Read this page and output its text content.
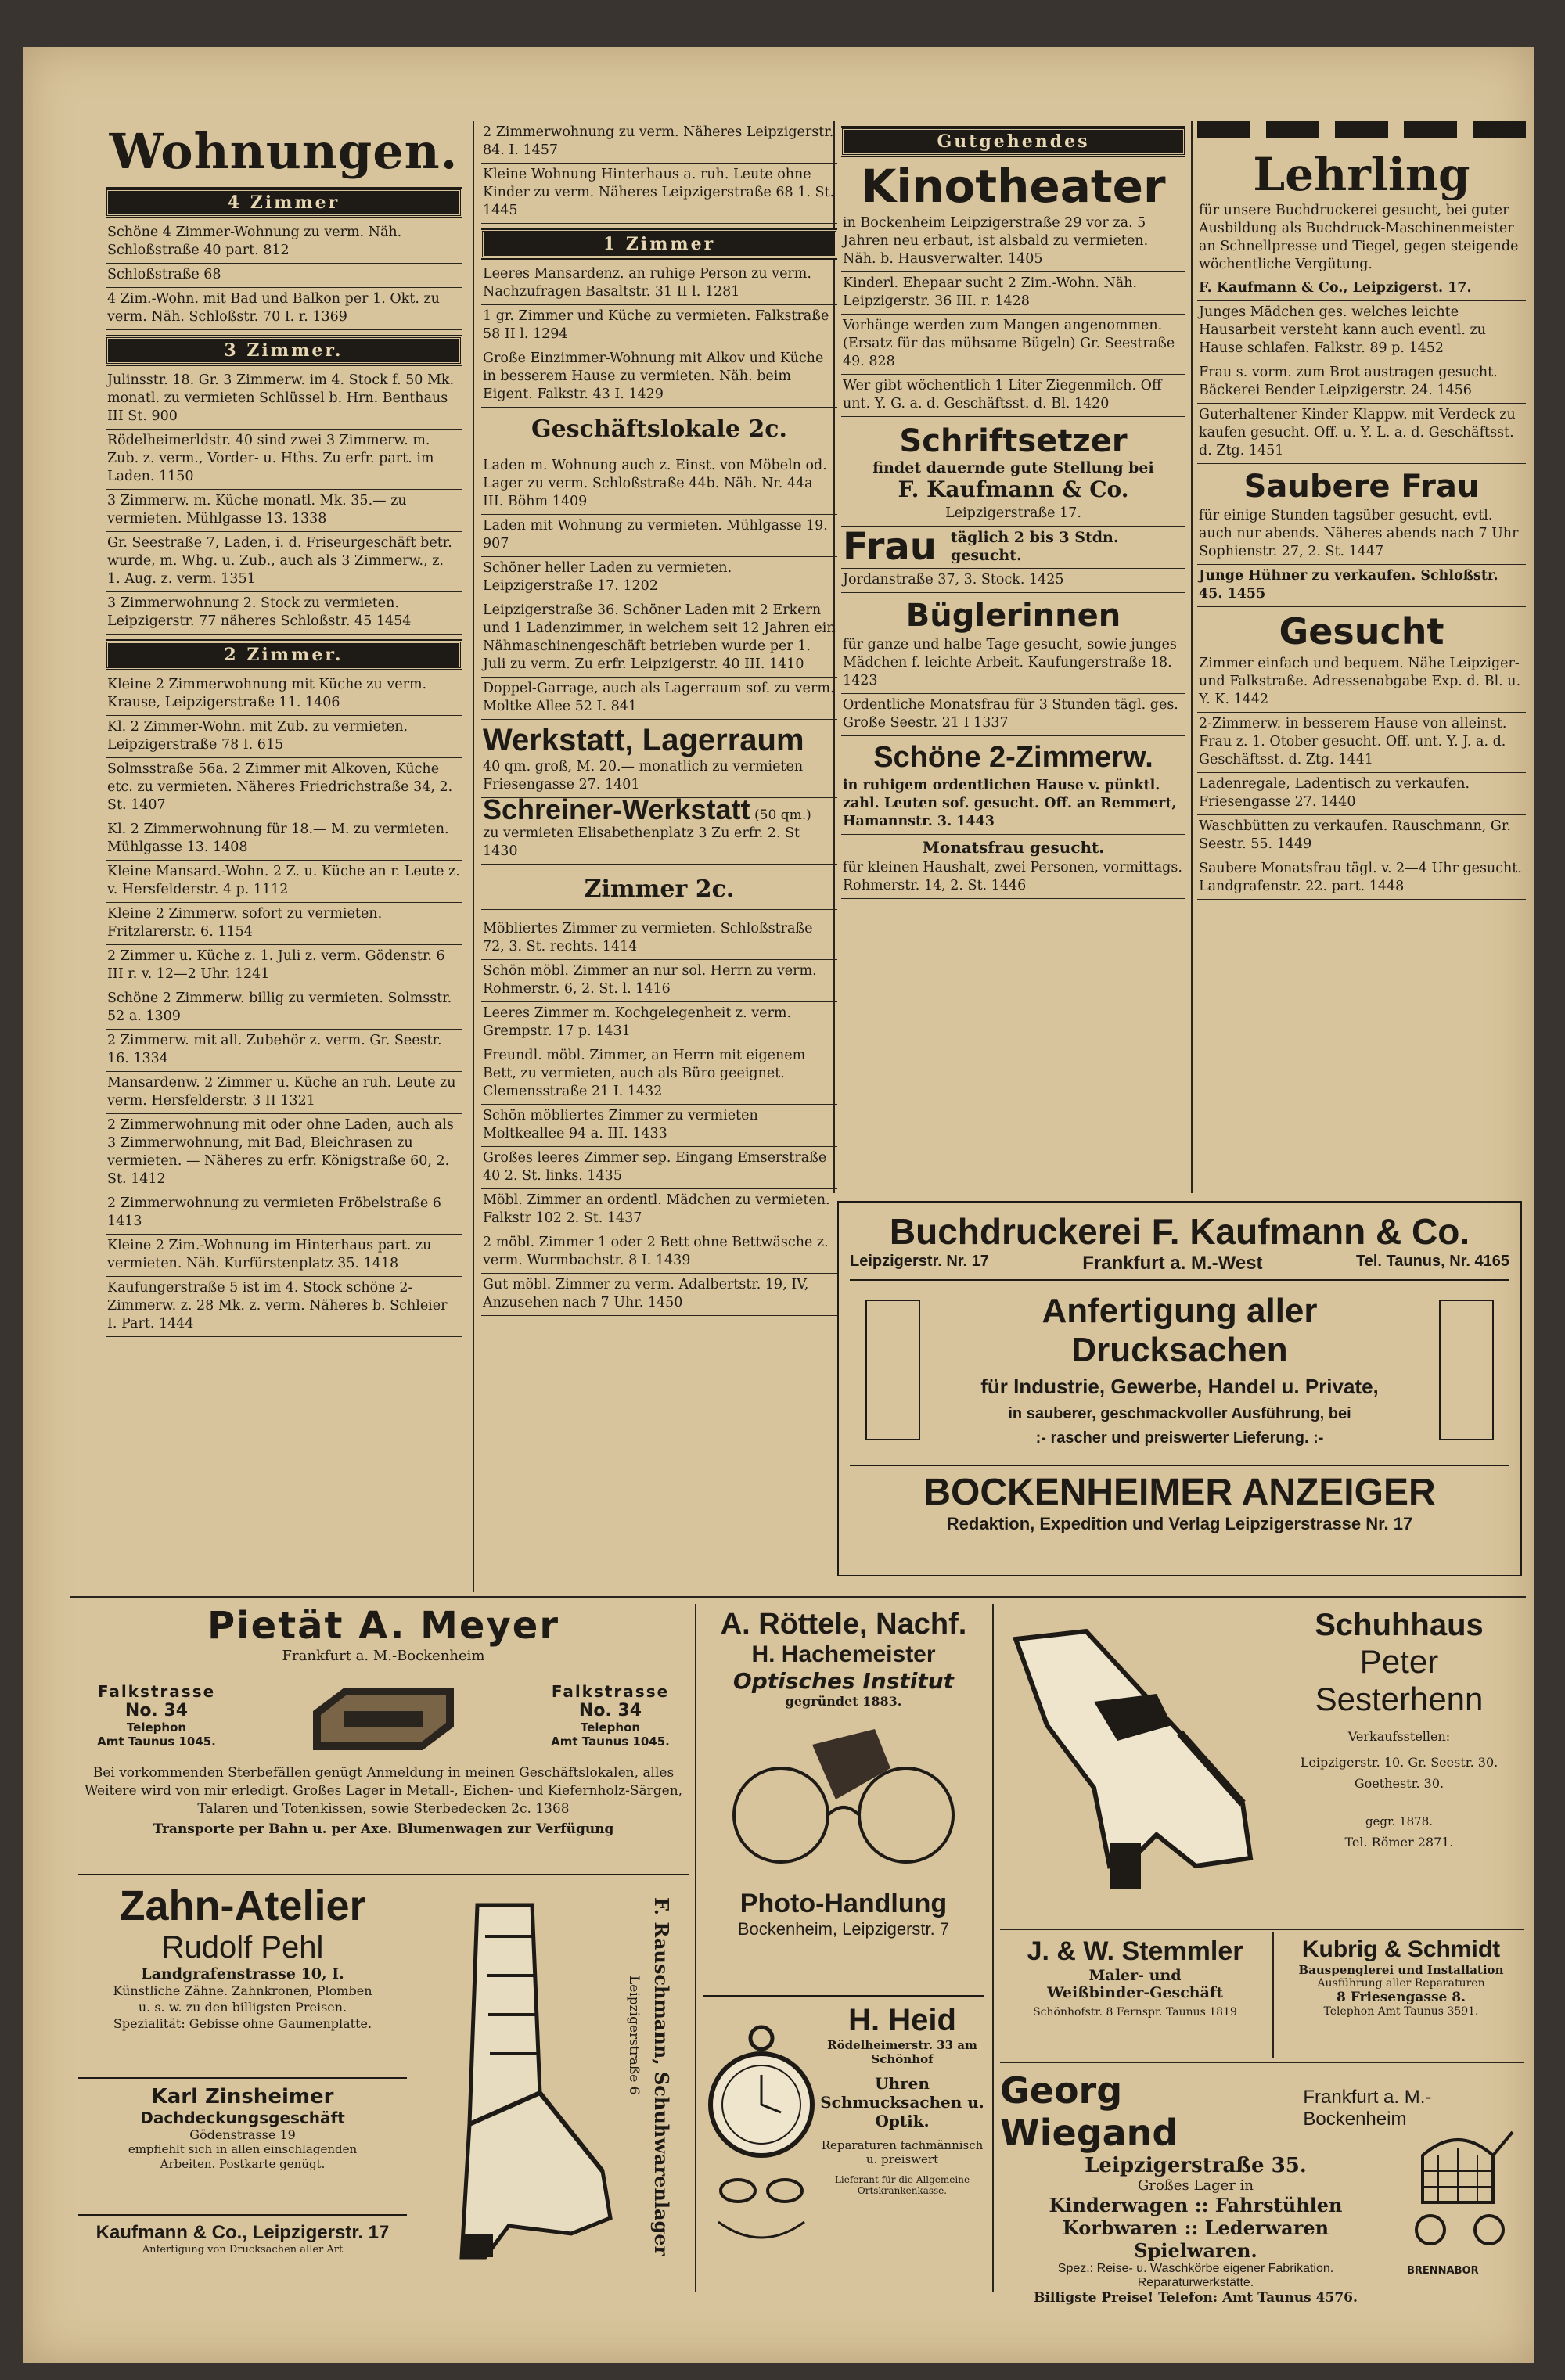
Wohnungen.
4 Zimmer
Schöne 4 Zimmer-Wohnung zu verm. Näh. Schloßstraße 40 part. 812
Schloßstraße 68
4 Zim.-Wohn. mit Bad und Balkon per 1. Okt. zu verm. Näh. Schloßstr. 70 I. r. 1369
3 Zimmer.
Julinsstr. 18. Gr. 3 Zimmerw. im 4. Stock f. 50 Mk. monatl. zu vermieten Schlüssel b. Hrn. Benthaus III St. 900
Rödelheimerldstr. 40 sind zwei 3 Zimmerw. m. Zub. z. verm., Vorder- u. Hths. Zu erfr. part. im Laden. 1150
3 Zimmerw. m. Küche monatl. Mk. 35.— zu vermieten. Mühlgasse 13. 1338
Gr. Seestraße 7, Laden, i. d. Friseurgeschäft betr. wurde, m. Whg. u. Zub., auch als 3 Zimmerw., z. 1. Aug. z. verm. 1351
3 Zimmerwohnung 2. Stock zu vermieten. Leipzigerstr. 77 näheres Schloßstr. 45 1454
2 Zimmer.
Kleine 2 Zimmerwohnung mit Küche zu verm. Krause, Leipzigerstraße 11. 1406
Kl. 2 Zimmer-Wohn. mit Zub. zu vermieten. Leipzigerstraße 78 I. 615
Solmsstraße 56a. 2 Zimmer mit Alkoven, Küche etc. zu vermieten. Näheres Friedrichstraße 34, 2. St. 1407
Kl. 2 Zimmerwohnung für 18.— M. zu vermieten. Mühlgasse 13. 1408
Kleine Mansard.-Wohn. 2 Z. u. Küche an r. Leute z. v. Hersfelderstr. 4 p. 1112
Kleine 2 Zimmerw. sofort zu vermieten. Fritzlarerstr. 6. 1154
2 Zimmer u. Küche z. 1. Juli z. verm. Gödenstr. 6 III r. v. 12—2 Uhr. 1241
Schöne 2 Zimmerw. billig zu vermieten. Solmsstr. 52 a. 1309
2 Zimmerw. mit all. Zubehör z. verm. Gr. Seestr. 16. 1334
Mansardenw. 2 Zimmer u. Küche an ruh. Leute zu verm. Hersfelderstr. 3 II 1321
2 Zimmerwohnung mit oder ohne Laden, auch als 3 Zimmerwohnung, mit Bad, Bleichrasen zu vermieten. — Näheres zu erfr. Königstraße 60, 2. St. 1412
2 Zimmerwohnung zu vermieten Fröbelstraße 6 1413
Kleine 2 Zim.-Wohnung im Hinterhaus part. zu vermieten. Näh. Kurfürstenplatz 35. 1418
Kaufungerstraße 5 ist im 4. Stock schöne 2-Zimmerw. z. 28 Mk. z. verm. Näheres b. Schleier I. Part. 1444
2 Zimmerwohnung zu verm. Näheres Leipzigerstr. 84. I. 1457
Kleine Wohnung Hinterhaus a. ruh. Leute ohne Kinder zu verm. Näheres Leipzigerstraße 68 1. St. 1445
1 Zimmer
Leeres Mansardenz. an ruhige Person zu verm. Nachzufragen Basaltstr. 31 II l. 1281
1 gr. Zimmer und Küche zu vermieten. Falkstraße 58 II l. 1294
Große Einzimmer-Wohnung mit Alkov und Küche in besserem Hause zu vermieten. Näh. beim Eigent. Falkstr. 43 I. 1429
Geschäftslokale 2c.
Laden m. Wohnung auch z. Einst. von Möbeln od. Lager zu verm. Schloßstraße 44b. Näh. Nr. 44a III. Böhm 1409
Laden mit Wohnung zu vermieten. Mühlgasse 19. 907
Schöner heller Laden zu vermieten. Leipzigerstraße 17. 1202
Leipzigerstraße 36. Schöner Laden mit 2 Erkern und 1 Ladenzimmer, in welchem seit 12 Jahren ein Nähmaschinengeschäft betrieben wurde per 1. Juli zu verm. Zu erfr. Leipzigerstr. 40 III. 1410
Doppel-Garrage, auch als Lagerraum sof. zu verm. Moltke Allee 52 I. 841
Werkstatt, Lagerraum
40 qm. groß, M. 20.— monatlich zu vermieten Friesengasse 27. 1401
Schreiner-Werkstatt (50 qm.)
zu vermieten Elisabethenplatz 3 Zu erfr. 2. St 1430
Zimmer 2c.
Möbliertes Zimmer zu vermieten. Schloßstraße 72, 3. St. rechts. 1414
Schön möbl. Zimmer an nur sol. Herrn zu verm. Rohmerstr. 6, 2. St. l. 1416
Leeres Zimmer m. Kochgelegenheit z. verm. Grempstr. 17 p. 1431
Freundl. möbl. Zimmer, an Herrn mit eigenem Bett, zu vermieten, auch als Büro geeignet. Clemensstraße 21 I. 1432
Schön möbliertes Zimmer zu vermieten Moltkeallee 94 a. III. 1433
Großes leeres Zimmer sep. Eingang Emserstraße 40 2. St. links. 1435
Möbl. Zimmer an ordentl. Mädchen zu vermieten. Falkstr 102 2. St. 1437
2 möbl. Zimmer 1 oder 2 Bett ohne Bettwäsche z. verm. Wurmbachstr. 8 I. 1439
Gut möbl. Zimmer zu verm. Adalbertstr. 19, IV, Anzusehen nach 7 Uhr. 1450
Gutgehendes
Kinotheater
in Bockenheim Leipzigerstraße 29 vor za. 5 Jahren neu erbaut, ist alsbald zu vermieten. Näh. b. Hausverwalter. 1405
Kinderl. Ehepaar sucht 2 Zim.-Wohn. Näh. Leipzigerstr. 36 III. r. 1428
Vorhänge werden zum Mangen angenommen. (Ersatz für das mühsame Bügeln) Gr. Seestraße 49. 828
Wer gibt wöchentlich 1 Liter Ziegenmilch. Off unt. Y. G. a. d. Geschäftsst. d. Bl. 1420
Schriftsetzer
findet dauernde gute Stellung bei
F. Kaufmann & Co.
Leipzigerstraße 17.
Frau täglich 2 bis 3 Stdn. gesucht.
Jordanstraße 37, 3. Stock. 1425
Büglerinnen
für ganze und halbe Tage gesucht, sowie junges Mädchen f. leichte Arbeit. Kaufungerstraße 18. 1423
Ordentliche Monatsfrau für 3 Stunden tägl. ges. Große Seestr. 21 I 1337
Schöne 2-Zimmerw.
in ruhigem ordentlichen Hause v. pünktl. zahl. Leuten sof. gesucht. Off. an Remmert, Hamannstr. 3. 1443
Monatsfrau gesucht.
für kleinen Haushalt, zwei Personen, vormittags. Rohmerstr. 14, 2. St. 1446
Lehrling
für unsere Buchdruckerei gesucht, bei guter Ausbildung als Buchdruck-Maschinenmeister an Schnellpresse und Tiegel, gegen steigende wöchentliche Vergütung.
F. Kaufmann & Co., Leipzigerst. 17.
Junges Mädchen ges. welches leichte Hausarbeit versteht kann auch eventl. zu Hause schlafen. Falkstr. 89 p. 1452
Frau s. vorm. zum Brot austragen gesucht. Bäckerei Bender Leipzigerstr. 24. 1456
Guterhaltener Kinder Klappw. mit Verdeck zu kaufen gesucht. Off. u. Y. L. a. d. Geschäftsst. d. Ztg. 1451
Saubere Frau
für einige Stunden tagsüber gesucht, evtl. auch nur abends. Näheres abends nach 7 Uhr Sophienstr. 27, 2. St. 1447
Junge Hühner zu verkaufen. Schloßstr. 45. 1455
Gesucht
Zimmer einfach und bequem. Nähe Leipziger- und Falkstraße. Adressenabgabe Exp. d. Bl. u. Y. K. 1442
2-Zimmerw. in besserem Hause von alleinst. Frau z. 1. Otober gesucht. Off. unt. Y. J. a. d. Geschäftsst. d. Ztg. 1441
Ladenregale, Ladentisch zu verkaufen. Friesengasse 27. 1440
Waschbütten zu verkaufen. Rauschmann, Gr. Seestr. 55. 1449
Saubere Monatsfrau tägl. v. 2—4 Uhr gesucht. Landgrafenstr. 22. part. 1448
Buchdruckerei F. Kaufmann & Co.
Leipzigerstr. Nr. 17	Frankfurt a. M.-West	Tel. Taunus, Nr. 4165
Anfertigung aller Drucksachen
für Industrie, Gewerbe, Handel u. Private,
in sauberer, geschmackvoller Ausführung, bei
:- rascher und preiswerter Lieferung. :-
BOCKENHEIMER ANZEIGER
Redaktion, Expedition und Verlag Leipzigerstrasse Nr. 17
Pietät A. Meyer
Frankfurt a. M.-Bockenheim
Falkstrasse
No. 34
Telephon
Amt Taunus 1045.
Falkstrasse
No. 34
Telephon
Amt Taunus 1045.
Bei vorkommenden Sterbefällen genügt Anmeldung in meinen Geschäftslokalen, alles Weitere wird von mir erledigt. Großes Lager in Metall-, Eichen- und Kiefernholz-Särgen, Talaren und Totenkissen, sowie Sterbedecken 2c. 1368
Transporte per Bahn u. per Axe. Blumenwagen zur Verfügung
Zahn-Atelier
Rudolf Pehl
Landgrafenstrasse 10, I.
Künstliche Zähne. Zahnkronen, Plomben u. s. w. zu den billigsten Preisen. Spezialität: Gebisse ohne Gaumenplatte.
Karl Zinsheimer
Dachdeckungsgeschäft
Gödenstrasse 19
empfiehlt sich in allen einschlagenden Arbeiten. Postkarte genügt.
Kaufmann & Co., Leipzigerstr. 17
Anfertigung von Drucksachen aller Art	F. Rauschmann, Schuhwarenlager
Leipzigerstraße 6
A. Röttele, Nachf.
H. Hachemeister
Optisches Institut
gegründet 1883.
Photo-Handlung
Bockenheim, Leipzigerstr. 7
H. Heid
Rödelheimerstr. 33 am Schönhof
Uhren Schmucksachen u. Optik.
Reparaturen fachmännisch u. preiswert
Lieferant für die Allgemeine Ortskrankenkasse.
Schuhhaus
Peter Sesterhenn
Verkaufsstellen:
Leipzigerstr. 10. Gr. Seestr. 30.
Goethestr. 30.
gegr. 1878.
Tel. Römer 2871.
J. & W. Stemmler
Maler- und Weißbinder-Geschäft
Schönhofstr. 8 Fernspr. Taunus 1819
Kubrig & Schmidt
Bauspenglerei und Installation
Ausführung aller Reparaturen
8 Friesengasse 8.
Telephon Amt Taunus 3591.
Georg Wiegand
Frankfurt a. M.-Bockenheim
Leipzigerstraße 35.
Großes Lager in
Kinderwagen :: Fahrstühlen
Korbwaren :: Lederwaren
Spielwaren.
Spez.: Reise- u. Waschkörbe eigener Fabrikation. Reparaturwerkstätte.
Billigste Preise! Telefon: Amt Taunus 4576.
BRENNABOR
